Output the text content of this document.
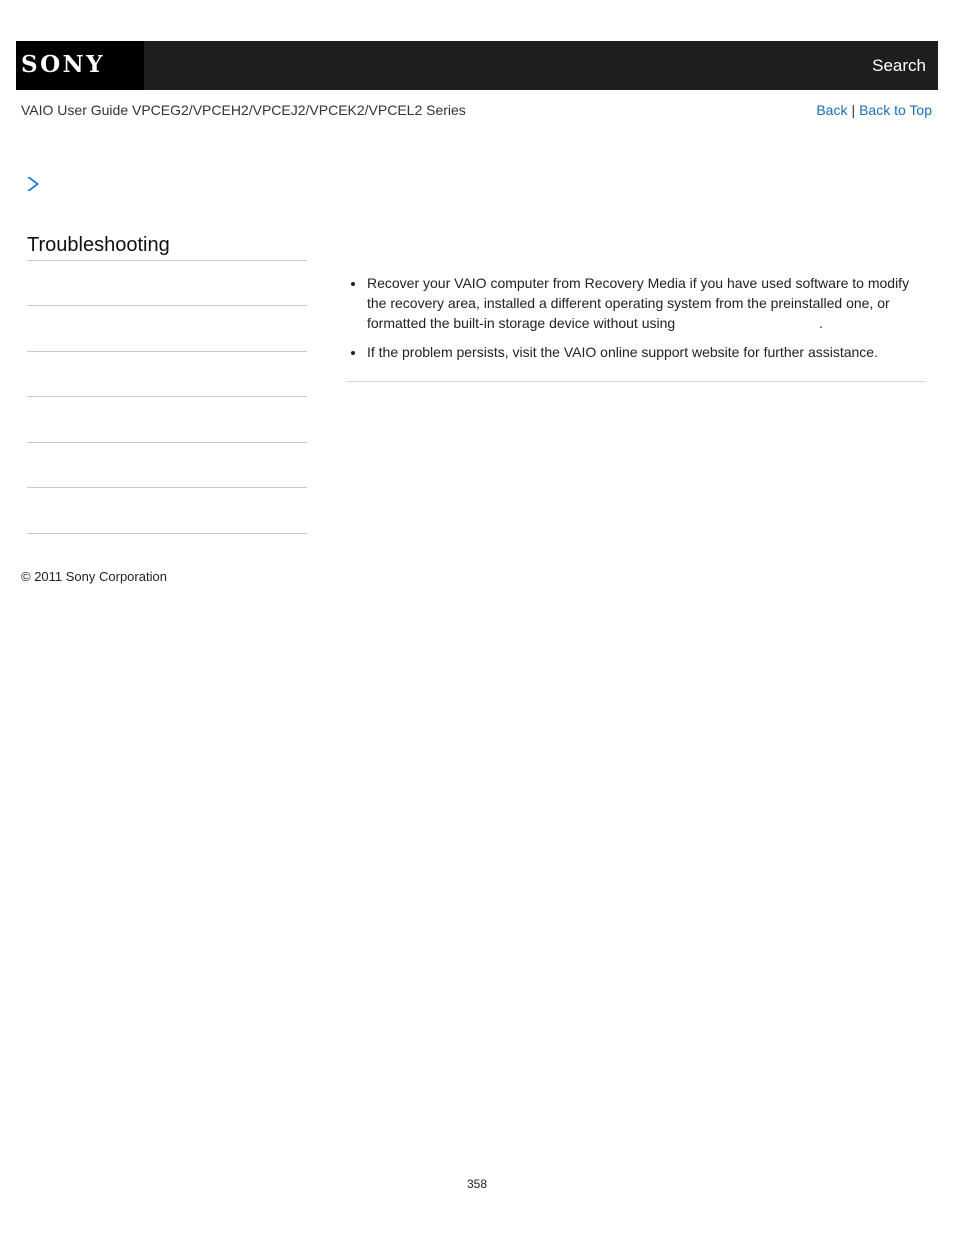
SONY	Search
VAIO User Guide VPCEG2/VPCEH2/VPCEJ2/VPCEK2/VPCEL2 Series	Back | Back to Top
Troubleshooting
Recover your VAIO computer from Recovery Media if you have used software to modify the recovery area, installed a different operating system from the preinstalled one, or formatted the built-in storage device without using	.
If the problem persists, visit the VAIO online support website for further assistance.
© 2011 Sony Corporation
358
